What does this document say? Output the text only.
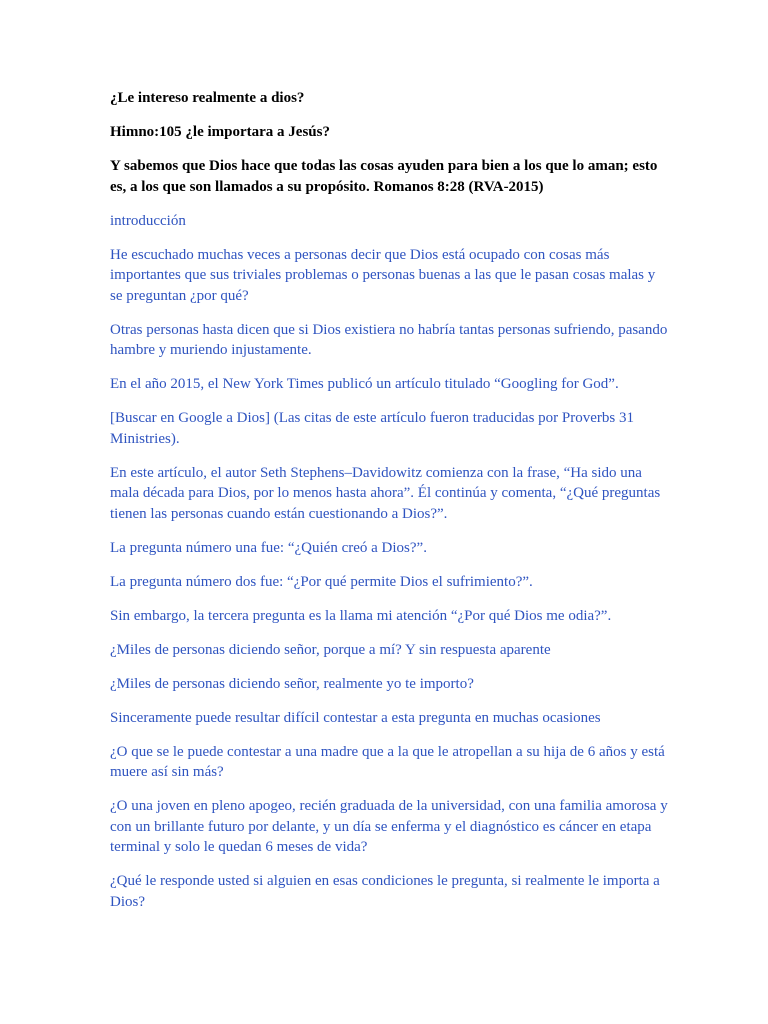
¿Le intereso realmente a dios?

Himno:105 ¿le importara a Jesús?

Y sabemos que Dios hace que todas las cosas ayuden para bien a los que lo aman; esto es, a los que son llamados a su propósito. Romanos 8:28 (RVA-2015)

introducción

He escuchado muchas veces a personas decir que Dios está ocupado con cosas más importantes que sus triviales problemas o personas buenas a las que le pasan cosas malas y se preguntan ¿por qué?

Otras personas hasta dicen que si Dios existiera no habría tantas personas sufriendo, pasando hambre y muriendo injustamente.

En el año 2015, el New York Times publicó un artículo titulado “Googling for God”.

[Buscar en Google a Dios] (Las citas de este artículo fueron traducidas por Proverbs 31 Ministries).

En este artículo, el autor Seth Stephens–Davidowitz comienza con la frase, “Ha sido una mala década para Dios, por lo menos hasta ahora”. Él continúa y comenta, “¿Qué preguntas tienen las personas cuando están cuestionando a Dios?”.

La pregunta número una fue: “¿Quién creó a Dios?”.

La pregunta número dos fue: “¿Por qué permite Dios el sufrimiento?”.

Sin embargo, la tercera pregunta es la llama mi atención “¿Por qué Dios me odia?”.

¿Miles de personas diciendo señor, porque a mí? Y sin respuesta aparente

¿Miles de personas diciendo señor, realmente yo te importo?

Sinceramente puede resultar difícil contestar a esta pregunta en muchas ocasiones

¿O que se le puede contestar a una madre que a la que le atropellan a su hija de 6 años y está muere así sin más?

¿O una joven en pleno apogeo, recién graduada de la universidad, con una familia amorosa y con un brillante futuro por delante, y un día se enferma y el diagnóstico es cáncer en etapa terminal y solo le quedan 6 meses de vida?

¿Qué le responde usted si alguien en esas condiciones le pregunta, si realmente le importa a Dios?
